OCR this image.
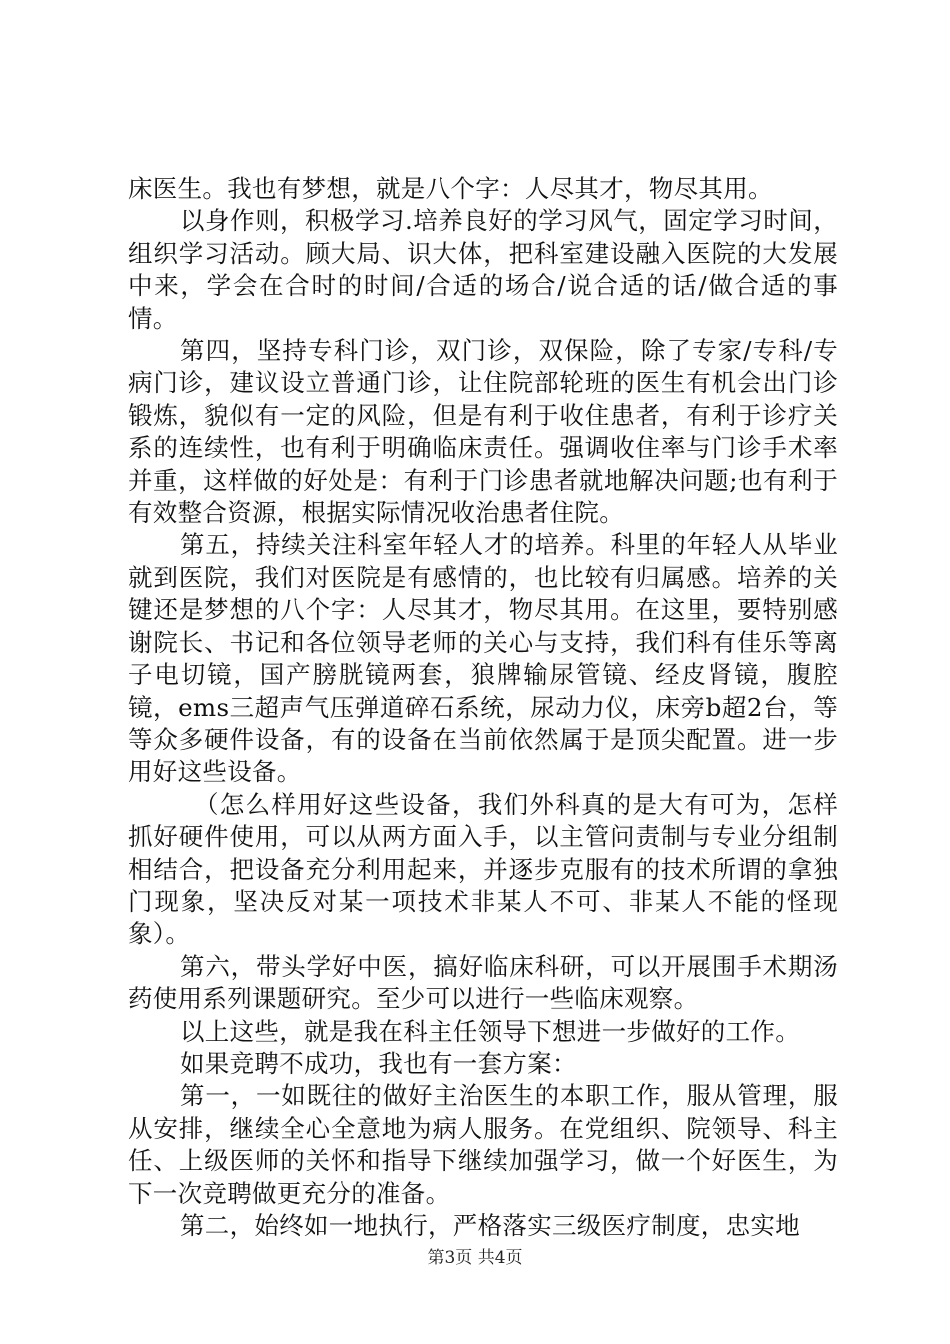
床医生。我也有梦想，就是八个字：人尽其才，物尽其用。

以身作则，积极学习.培养良好的学习风气，固定学习时间，组织学习活动。顾大局、识大体，把科室建设融入医院的大发展中来，学会在合时的时间/合适的场合/说合适的话/做合适的事情。

第四，坚持专科门诊，双门诊，双保险，除了专家/专科/专病门诊，建议设立普通门诊，让住院部轮班的医生有机会出门诊锻炼，貌似有一定的风险，但是有利于收住患者，有利于诊疗关系的连续性，也有利于明确临床责任。强调收住率与门诊手术率并重，这样做的好处是：有利于门诊患者就地解决问题;也有利于有效整合资源，根据实际情况收治患者住院。

第五，持续关注科室年轻人才的培养。科里的年轻人从毕业就到医院，我们对医院是有感情的，也比较有归属感。培养的关键还是梦想的八个字：人尽其才，物尽其用。在这里，要特别感谢院长、书记和各位领导老师的关心与支持，我们科有佳乐等离子电切镜，国产膀胱镜两套，狼牌输尿管镜、经皮肾镜，腹腔镜，ems三超声气压弹道碎石系统，尿动力仪，床旁b超2台，等等众多硬件设备，有的设备在当前依然属于是顶尖配置。进一步用好这些设备。

（怎么样用好这些设备，我们外科真的是大有可为，怎样抓好硬件使用，可以从两方面入手，以主管问责制与专业分组制相结合，把设备充分利用起来，并逐步克服有的技术所谓的拿独门现象，坚决反对某一项技术非某人不可、非某人不能的怪现象）。

第六，带头学好中医，搞好临床科研，可以开展围手术期汤药使用系列课题研究。至少可以进行一些临床观察。

以上这些，就是我在科主任领导下想进一步做好的工作。

如果竞聘不成功，我也有一套方案：

第一，一如既往的做好主治医生的本职工作，服从管理，服从安排，继续全心全意地为病人服务。在党组织、院领导、科主任、上级医师的关怀和指导下继续加强学习，做一个好医生，为下一次竞聘做更充分的准备。

第二，始终如一地执行，严格落实三级医疗制度，忠实地

第3页 共4页
